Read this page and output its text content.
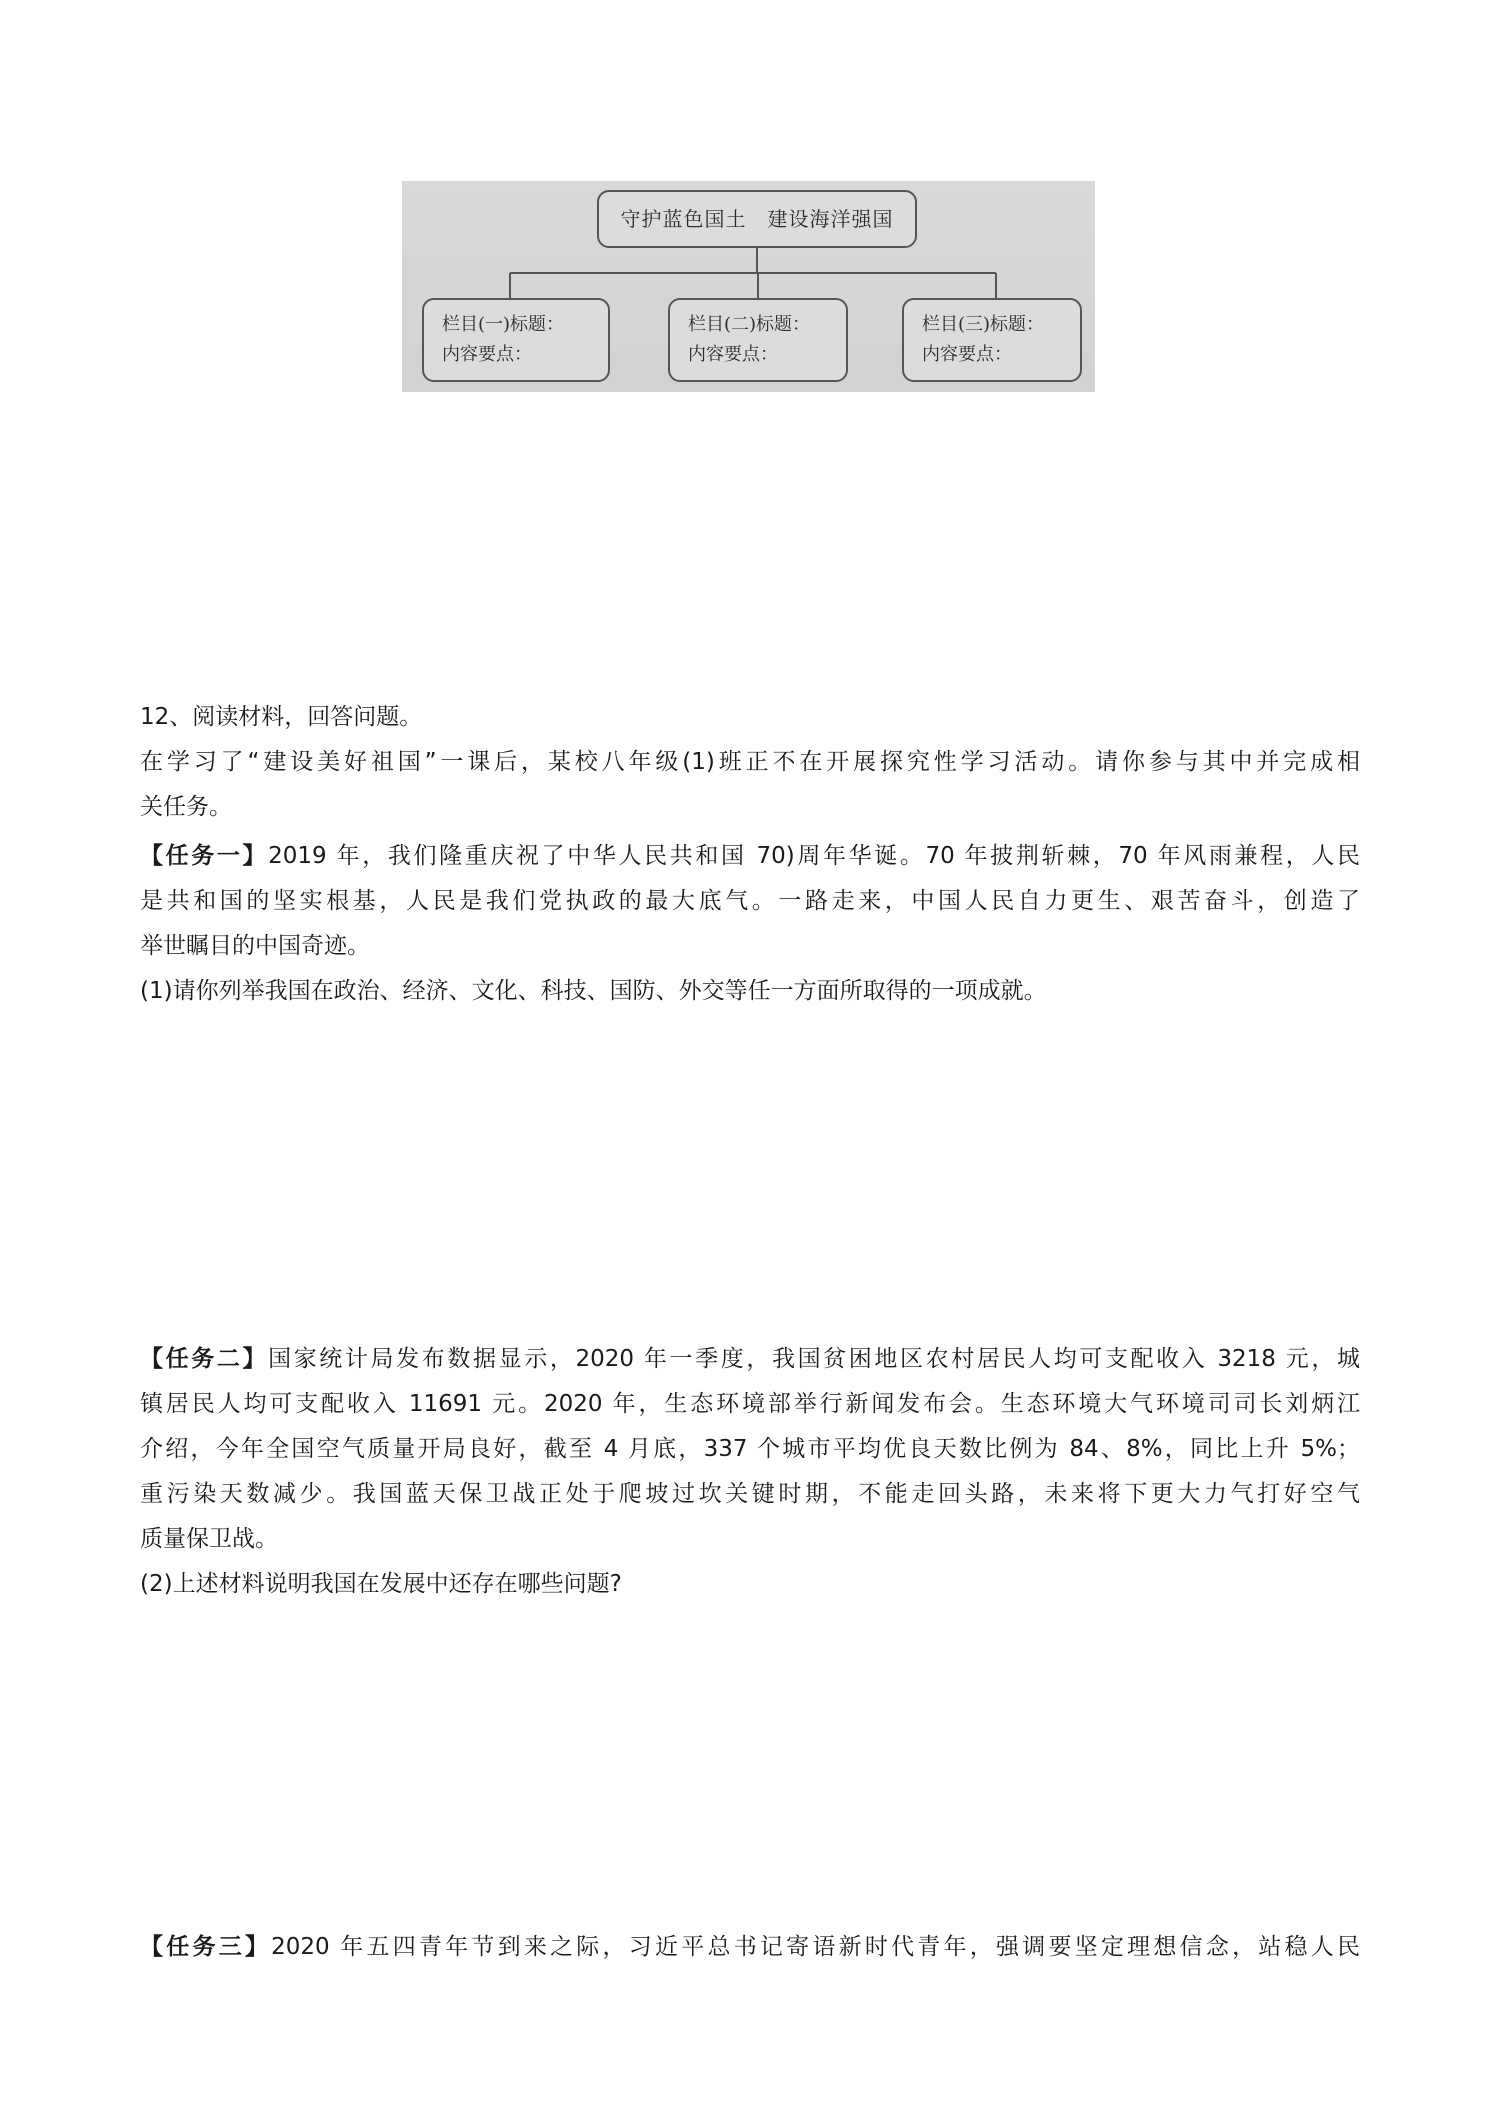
守护蓝色国土　建设海洋强国
栏目(一)标题：
内容要点：
栏目(二)标题：
内容要点：
栏目(三)标题：
内容要点：

12、阅读材料，回答问题。

在学习了“建设美好祖国”一课后，某校八年级(1)班正不在开展探究性学习活动。请你参与其中并完成相

关任务。

【任务一】2019 年，我们隆重庆祝了中华人民共和国 70)周年华诞。70 年披荆斩棘，70 年风雨兼程，人民

是共和国的坚实根基，人民是我们党执政的最大底气。一路走来，中国人民自力更生、艰苦奋斗，创造了

举世瞩目的中国奇迹。

(1)请你列举我国在政治、经济、文化、科技、国防、外交等任一方面所取得的一项成就。

【任务二】国家统计局发布数据显示，2020 年一季度，我国贫困地区农村居民人均可支配收入 3218 元，城

镇居民人均可支配收入 11691 元。2020 年，生态环境部举行新闻发布会。生态环境大气环境司司长刘炳江

介绍，今年全国空气质量开局良好，截至 4 月底，337 个城市平均优良天数比例为 84、8%，同比上升 5%；

重污染天数减少。我国蓝天保卫战正处于爬坡过坎关键时期，不能走回头路，未来将下更大力气打好空气

质量保卫战。

(2)上述材料说明我国在发展中还存在哪些问题?

【任务三】2020 年五四青年节到来之际，习近平总书记寄语新时代青年，强调要坚定理想信念，站稳人民
